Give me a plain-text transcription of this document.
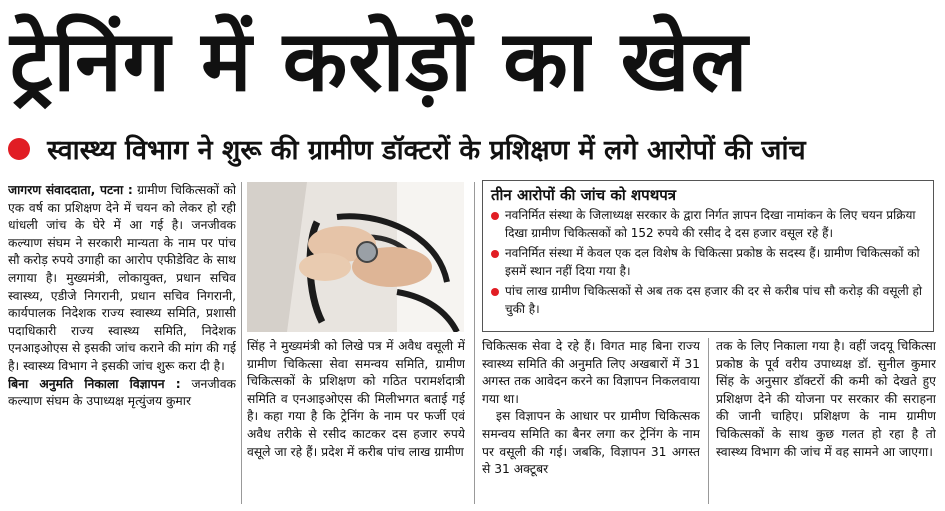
ट्रेनिंग में करोड़ों का खेल
स्वास्थ्य विभाग ने शुरू की ग्रामीण डॉक्टरों के प्रशिक्षण में लगे आरोपों की जांच

जागरण संवाददाता, पटना : ग्रामीण चिकित्सकों को एक वर्ष का प्रशिक्षण देने में चयन को लेकर हो रही धांधली जांच के घेरे में आ गई है। जनजीवक कल्याण संघम ने सरकारी मान्यता के नाम पर पांच सौ करोड़ रुपये उगाही का आरोप एफीडेविट के साथ लगाया है। मुख्यमंत्री, लोकायुक्त, प्रधान सचिव स्वास्थ्य, एडीजे निगरानी, प्रधान सचिव निगरानी, कार्यपालक निदेशक राज्य स्वास्थ्य समिति, प्रशासी पदाधिकारी राज्य स्वास्थ्य समिति, निदेशक एनआइओएस से इसकी जांच कराने की मांग की गई है। स्वास्थ्य विभाग ने इसकी जांच शुरू करा दी है।

बिना अनुमति निकाला विज्ञापन : जनजीवक कल्याण संघम के उपाध्यक्ष मृत्युंजय कुमार

सिंह ने मुख्यमंत्री को लिखे पत्र में अवैध वसूली में ग्रामीण चिकित्सा सेवा समन्वय समिति, ग्रामीण चिकित्सकों के प्रशिक्षण को गठित परामर्शदात्री समिति व एनआइओएस की मिलीभगत बताई गई है। कहा गया है कि ट्रेनिंग के नाम पर फर्जी एवं अवैध तरीके से रसीद काटकर दस हजार रुपये वसूले जा रहे हैं। प्रदेश में करीब पांच लाख ग्रामीण

तीन आरोपों की जांच को शपथपत्र
नवनिर्मित संस्था के जिलाध्यक्ष सरकार के द्वारा निर्गत ज्ञापन दिखा नामांकन के लिए चयन प्रक्रिया दिखा ग्रामीण चिकित्सकों को 152 रुपये की रसीद दे दस हजार वसूल रहे हैं।
नवनिर्मित संस्था में केवल एक दल विशेष के चिकित्सा प्रकोष्ठ के सदस्य हैं। ग्रामीण चिकित्सकों को इसमें स्थान नहीं दिया गया है।
पांच लाख ग्रामीण चिकित्सकों से अब तक दस हजार की दर से करीब पांच सौ करोड़ की वसूली हो चुकी है।

चिकित्सक सेवा दे रहे हैं। विगत माह बिना राज्य स्वास्थ्य समिति की अनुमति लिए अखबारों में 31 अगस्त तक आवेदन करने का विज्ञापन निकलवाया गया था।

इस विज्ञापन के आधार पर ग्रामीण चिकित्सक समन्वय समिति का बैनर लगा कर ट्रेनिंग के नाम पर वसूली की गई। जबकि, विज्ञापन 31 अगस्त से 31 अक्टूबर

तक के लिए निकाला गया है। वहीं जदयू चिकित्सा प्रकोष्ठ के पूर्व वरीय उपाध्यक्ष डॉ. सुनील कुमार सिंह के अनुसार डॉक्टरों की कमी को देखते हुए प्रशिक्षण देने की योजना पर सरकार की सराहना की जानी चाहिए। प्रशिक्षण के नाम ग्रामीण चिकित्सकों के साथ कुछ गलत हो रहा है तो स्वास्थ्य विभाग की जांच में वह सामने आ जाएगा।
